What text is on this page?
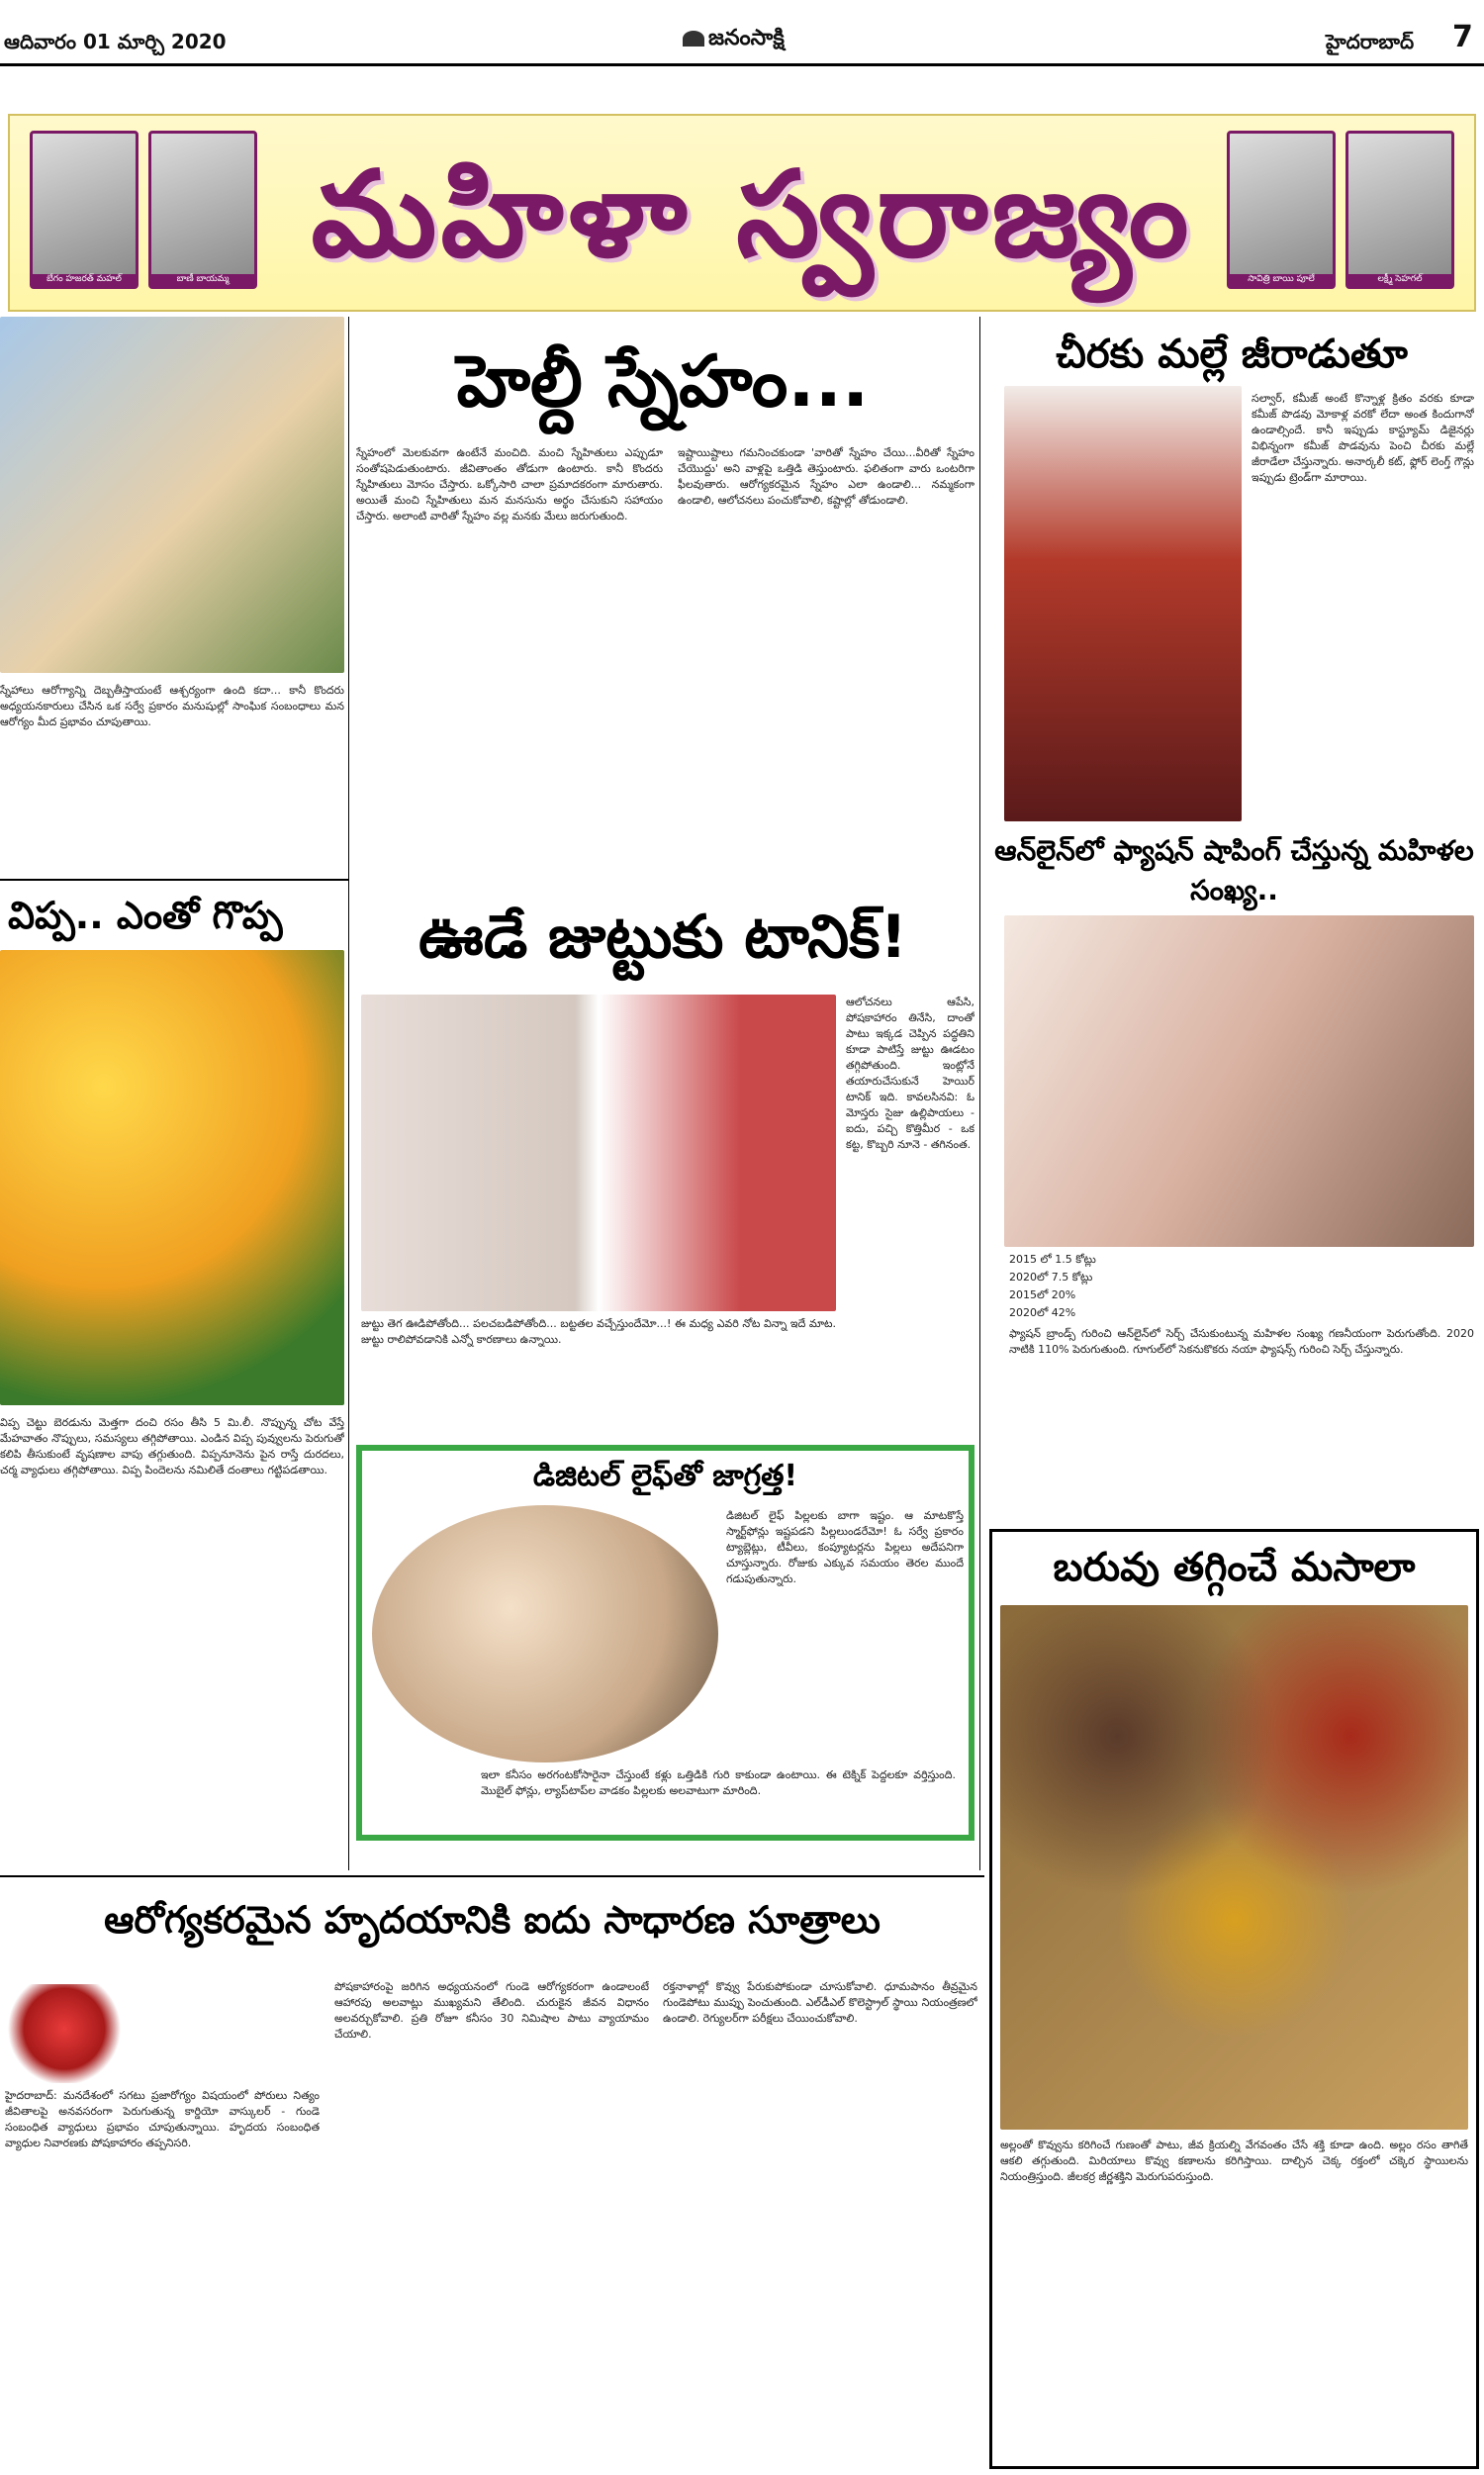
ఆదివారం 01 మార్చి 2020	జనంసాక్షి	హైదరాబాద్ 7
బేగం హజరత్ మహల్	బాణీ బాయమ్మ మహిళా స్వరాజ్యం	సావిత్రి బాయి పూలే	లక్ష్మీ సెహగల్
హెల్దీ స్నేహం...

స్నేహంలో మెలకువగా ఉంటేనే మంచిది. మంచి స్నేహితులు ఎప్పుడూ సంతోషపెడుతుంటారు. జీవితాంతం తోడుగా ఉంటారు. కానీ కొందరు స్నేహితులు మోసం చేస్తారు. ఒక్కోసారి చాలా ప్రమాదకరంగా మారుతారు. అయితే మంచి స్నేహితులు మన మనసును అర్థం చేసుకుని సహాయం చేస్తారు. అలాంటి వారితో స్నేహం వల్ల మనకు మేలు జరుగుతుంది.

ఇష్టాయిష్టాలు గమనించకుండా 'వారితో స్నేహం చేయి...వీరితో స్నేహం చేయొద్దు' అని వాళ్లపై ఒత్తిడి తెస్తుంటారు. ఫలితంగా వారు ఒంటరిగా ఫీలవుతారు. ఆరోగ్యకరమైన స్నేహం ఎలా ఉండాలి... నమ్మకంగా ఉండాలి, ఆలోచనలు పంచుకోవాలి, కష్టాల్లో తోడుండాలి.

స్నేహాలు ఆరోగ్యాన్ని దెబ్బతీస్తాయంటే ఆశ్చర్యంగా ఉంది కదా... కానీ కొందరు అధ్యయనకారులు చేసిన ఒక సర్వే ప్రకారం మనుషుల్లో సాంఘిక సంబంధాలు మన ఆరోగ్యం మీద ప్రభావం చూపుతాయి.

చీరకు మల్లే జీరాడుతూ

సల్వార్, కమీజ్ అంటే కొన్నాళ్ల క్రితం వరకు కూడా కమీజ్ పొడవు మోకాళ్ల వరకో లేదా అంత కిందుగానో ఉండాల్సిందే. కానీ ఇప్పుడు కాస్ట్యూమ్ డిజైనర్లు విభిన్నంగా కమీజ్ పొడవును పెంచి చీరకు మల్లే జీరాడేలా చేస్తున్నారు. అనార్కలీ కట్, ఫ్లోర్ లెంగ్త్ గౌన్లు ఇప్పుడు ట్రెండ్‌గా మారాయి.

ఆన్‌లైన్‌లో ఫ్యాషన్ షాపింగ్ చేస్తున్న మహిళల సంఖ్య..

2015 లో 1.5 కోట్లు

2020లో 7.5 కోట్లు

2015లో 20%

2020లో 42%

ఫ్యాషన్ బ్రాండ్స్ గురించి ఆన్‌లైన్‌లో సెర్చ్ చేసుకుంటున్న మహిళల సంఖ్య గణనీయంగా పెరుగుతోంది. 2020 నాటికి 110% పెరుగుతుంది. గూగుల్‌లో సెకనుకొకరు నయా ఫ్యాషన్స్ గురించి సెర్చ్ చేస్తున్నారు.

విప్ప.. ఎంతో గొప్ప

విప్ప చెట్టు బెరడును మెత్తగా దంచి రసం తీసి 5 మి.లీ. నొప్పున్న చోట వేస్తే మేహవాతం నొప్పులు, సమస్యలు తగ్గిపోతాయి. ఎండిన విప్ప పువ్వులను పెరుగుతో కలిపి తీసుకుంటే వృషణాల వాపు తగ్గుతుంది. విప్పనూనెను పైన రాస్తే దురదలు, చర్మ వ్యాధులు తగ్గిపోతాయి. విప్ప పిందెలను నమిలితే దంతాలు గట్టిపడతాయి.

ఊడే జుట్టుకు టానిక్!

ఆలోచనలు ఆపేసి, పోషకాహారం తినేసి, దాంతో పాటు ఇక్కడ చెప్పిన పద్ధతిని కూడా పాటిస్తే జుట్టు ఊడటం తగ్గిపోతుంది. ఇంట్లోనే తయారుచేసుకునే హెయిర్ టానిక్ ఇది. కావలసినవి: ఓ మోస్తరు సైజు ఉల్లిపాయలు - ఐదు, పచ్చి కొత్తిమీర - ఒక కట్ట, కొబ్బరి నూనె - తగినంత.

జుట్టు తెగ ఊడిపోతోంది... పలచబడిపోతోంది... బట్టతల వచ్చేస్తుందేమో...! ఈ మధ్య ఎవరి నోట విన్నా ఇదే మాట. జుట్టు రాలిపోవడానికి ఎన్నో కారణాలు ఉన్నాయి.

డిజిటల్ లైఫ్‌తో జాగ్రత్త!

డిజిటల్ లైఫ్ పిల్లలకు బాగా ఇష్టం. ఆ మాటకొస్తే స్మార్ట్‌ఫోన్లు ఇష్టపడని పిల్లలుండరేమో! ఓ సర్వే ప్రకారం ట్యాబ్లెట్లు, టీవీలు, కంప్యూటర్లను పిల్లలు అదేపనిగా చూస్తున్నారు. రోజుకు ఎక్కువ సమయం తెరల ముందే గడుపుతున్నారు.

ఇలా కనీసం అరగంటకోసారైనా చేస్తుంటే కళ్లు ఒత్తిడికి గురి కాకుండా ఉంటాయి. ఈ టెక్నిక్ పెద్దలకూ వర్తిస్తుంది. మొబైల్ ఫోన్లు, ల్యాప్‌టాప్‌ల వాడకం పిల్లలకు అలవాటుగా మారింది.

బరువు తగ్గించే మసాలా

అల్లంతో కొవ్వును కరిగించే గుణంతో పాటు, జీవ క్రియల్ని వేగవంతం చేసే శక్తి కూడా ఉంది. అల్లం రసం తాగితే ఆకలి తగ్గుతుంది. మిరియాలు కొవ్వు కణాలను కరిగిస్తాయి. దాల్చిన చెక్క రక్తంలో చక్కెర స్థాయిలను నియంత్రిస్తుంది. జీలకర్ర జీర్ణశక్తిని మెరుగుపరుస్తుంది.

ఆరోగ్యకరమైన హృదయానికి ఐదు సాధారణ సూత్రాలు

హైదరాబాద్: మనదేశంలో సగటు ప్రజారోగ్యం విషయంలో పోరులు నిత్యం జీవితాలపై అనవసరంగా పెరుగుతున్న కార్డియో వాస్కులర్ - గుండె సంబంధిత వ్యాధులు ప్రభావం చూపుతున్నాయి. హృదయ సంబంధిత వ్యాధుల నివారణకు పోషకాహారం తప్పనిసరి.

పోషకాహారంపై జరిగిన అధ్యయనంలో గుండె ఆరోగ్యకరంగా ఉండాలంటే ఆహారపు అలవాట్లు ముఖ్యమని తేలింది. చురుకైన జీవన విధానం అలవర్చుకోవాలి. ప్రతి రోజూ కనీసం 30 నిమిషాల పాటు వ్యాయామం చేయాలి.

రక్తనాళాల్లో కొవ్వు పేరుకుపోకుండా చూసుకోవాలి. ధూమపానం తీవ్రమైన గుండెపోటు ముప్పు పెంచుతుంది. ఎల్‌డీఎల్ కొలెస్ట్రాల్ స్థాయి నియంత్రణలో ఉండాలి. రెగ్యులర్‌గా పరీక్షలు చేయించుకోవాలి.
